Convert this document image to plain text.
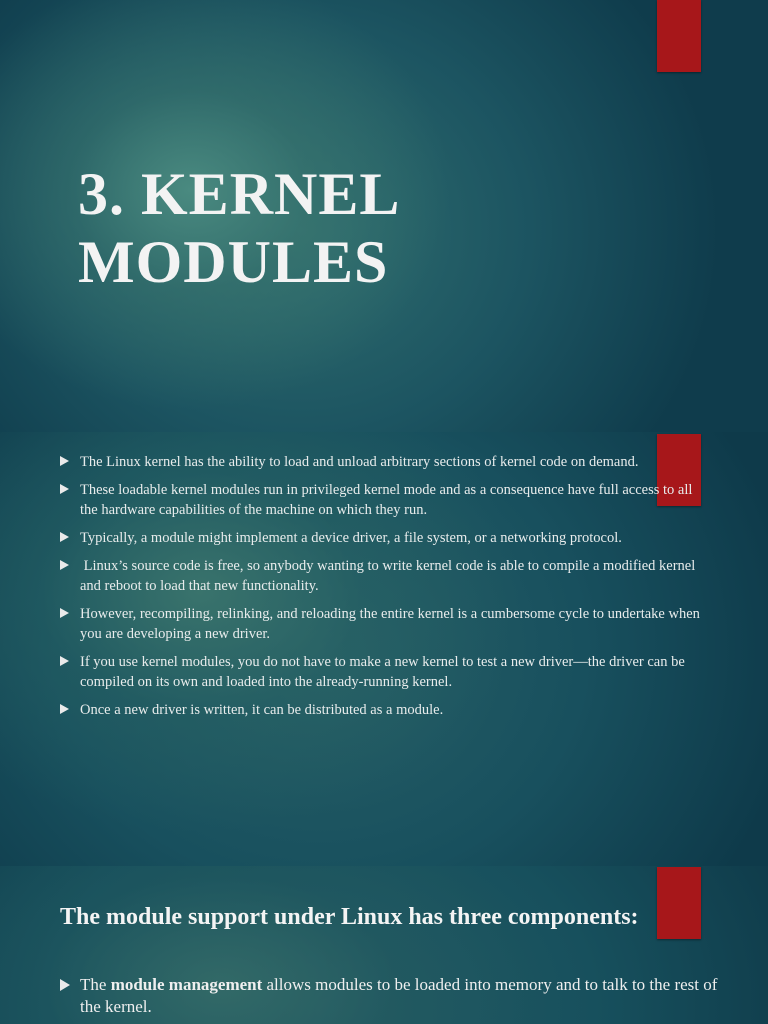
3. KERNEL
MODULES
The Linux kernel has the ability to load and unload arbitrary sections of kernel code on demand.
These loadable kernel modules run in privileged kernel mode and as a consequence have full access to all the hardware capabilities of the machine on which they run.
Typically, a module might implement a device driver, a file system, or a networking protocol.
Linux’s source code is free, so anybody wanting to write kernel code is able to compile a modified kernel and reboot to load that new functionality.
However, recompiling, relinking, and reloading the entire kernel is a cumbersome cycle to undertake when you are developing a new driver.
If you use kernel modules, you do not have to make a new kernel to test a new driver—the driver can be compiled on its own and loaded into the already-running kernel.
Once a new driver is written, it can be distributed as a module.
The module support under Linux has three components:
The module management allows modules to be loaded into memory and to talk to the rest of the kernel.
